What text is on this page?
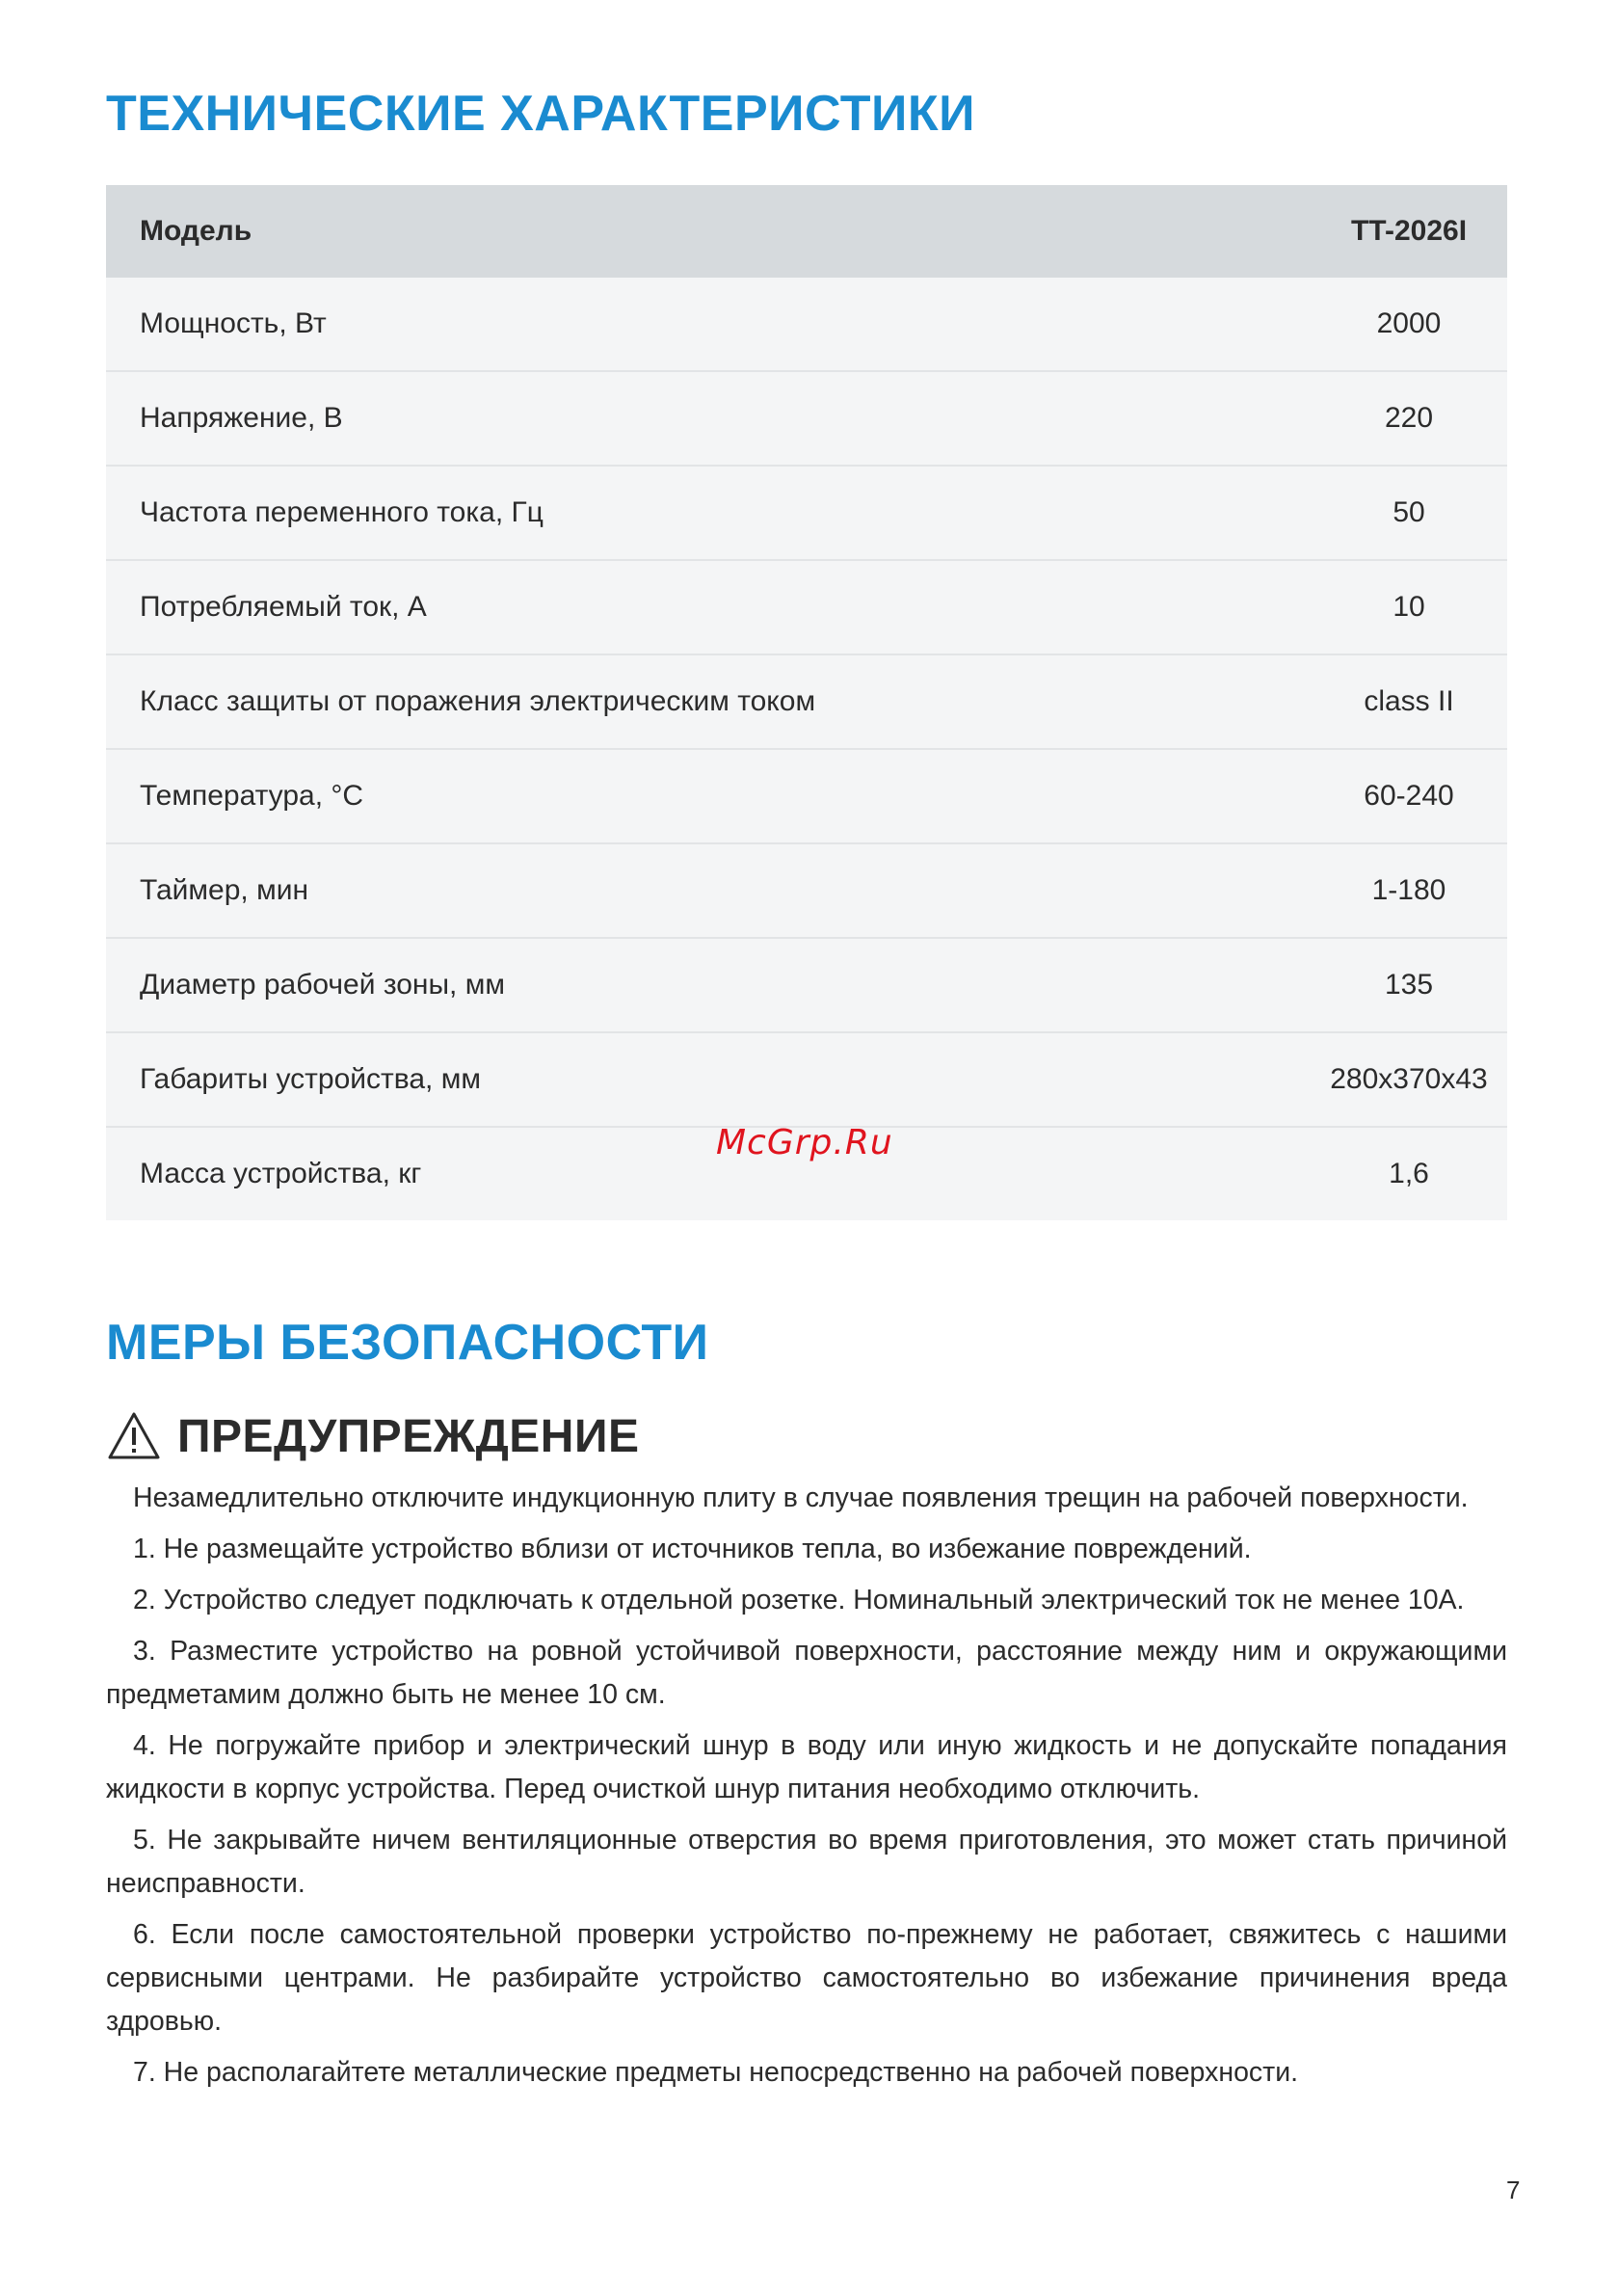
ТЕХНИЧЕСКИЕ ХАРАКТЕРИСТИКИ
Модель	TT-2026I
Мощность, Вт	2000
Напряжение, В	220
Частота переменного тока, Гц	50
Потребляемый ток, А	10
Класс защиты от поражения электрическим током	class II
Температура, °С	60-240
Таймер, мин	1-180
Диаметр рабочей зоны, мм	135
Габариты устройства, мм	280х370х43
Масса устройства, кг	1,6
McGrp.Ru
МЕРЫ БЕЗОПАСНОСТИ
ПРЕДУПРЕЖДЕНИЕ

Незамедлительно отключите индукционную плиту в случае появления трещин на рабочей поверхности.

1. Не размещайте устройство вблизи от источников тепла, во избежание повреждений.

2. Устройство следует подключать к отдельной розетке. Номинальный электрический ток не менее 10А.

3. Разместите устройство на ровной устойчивой поверхности, расстояние между ним и окружающими предметамим должно быть не менее 10 см.

4. Не погружайте прибор и электрический шнур в воду или иную жидкость и не допускайте попадания жидкости в корпус устройства. Перед очисткой шнур питания необходимо отключить.

5. Не закрывайте ничем вентиляционные отверстия во время приготовления, это может стать причиной неисправности.

6. Если после самостоятельной проверки устройство по-прежнему не работает, свяжитесь с нашими сервисными центрами. Не разбирайте устройство самостоятельно во избежание причинения вреда здровью.

7. Не располагайтете металлические предметы непосредственно на рабочей поверхности.

7
